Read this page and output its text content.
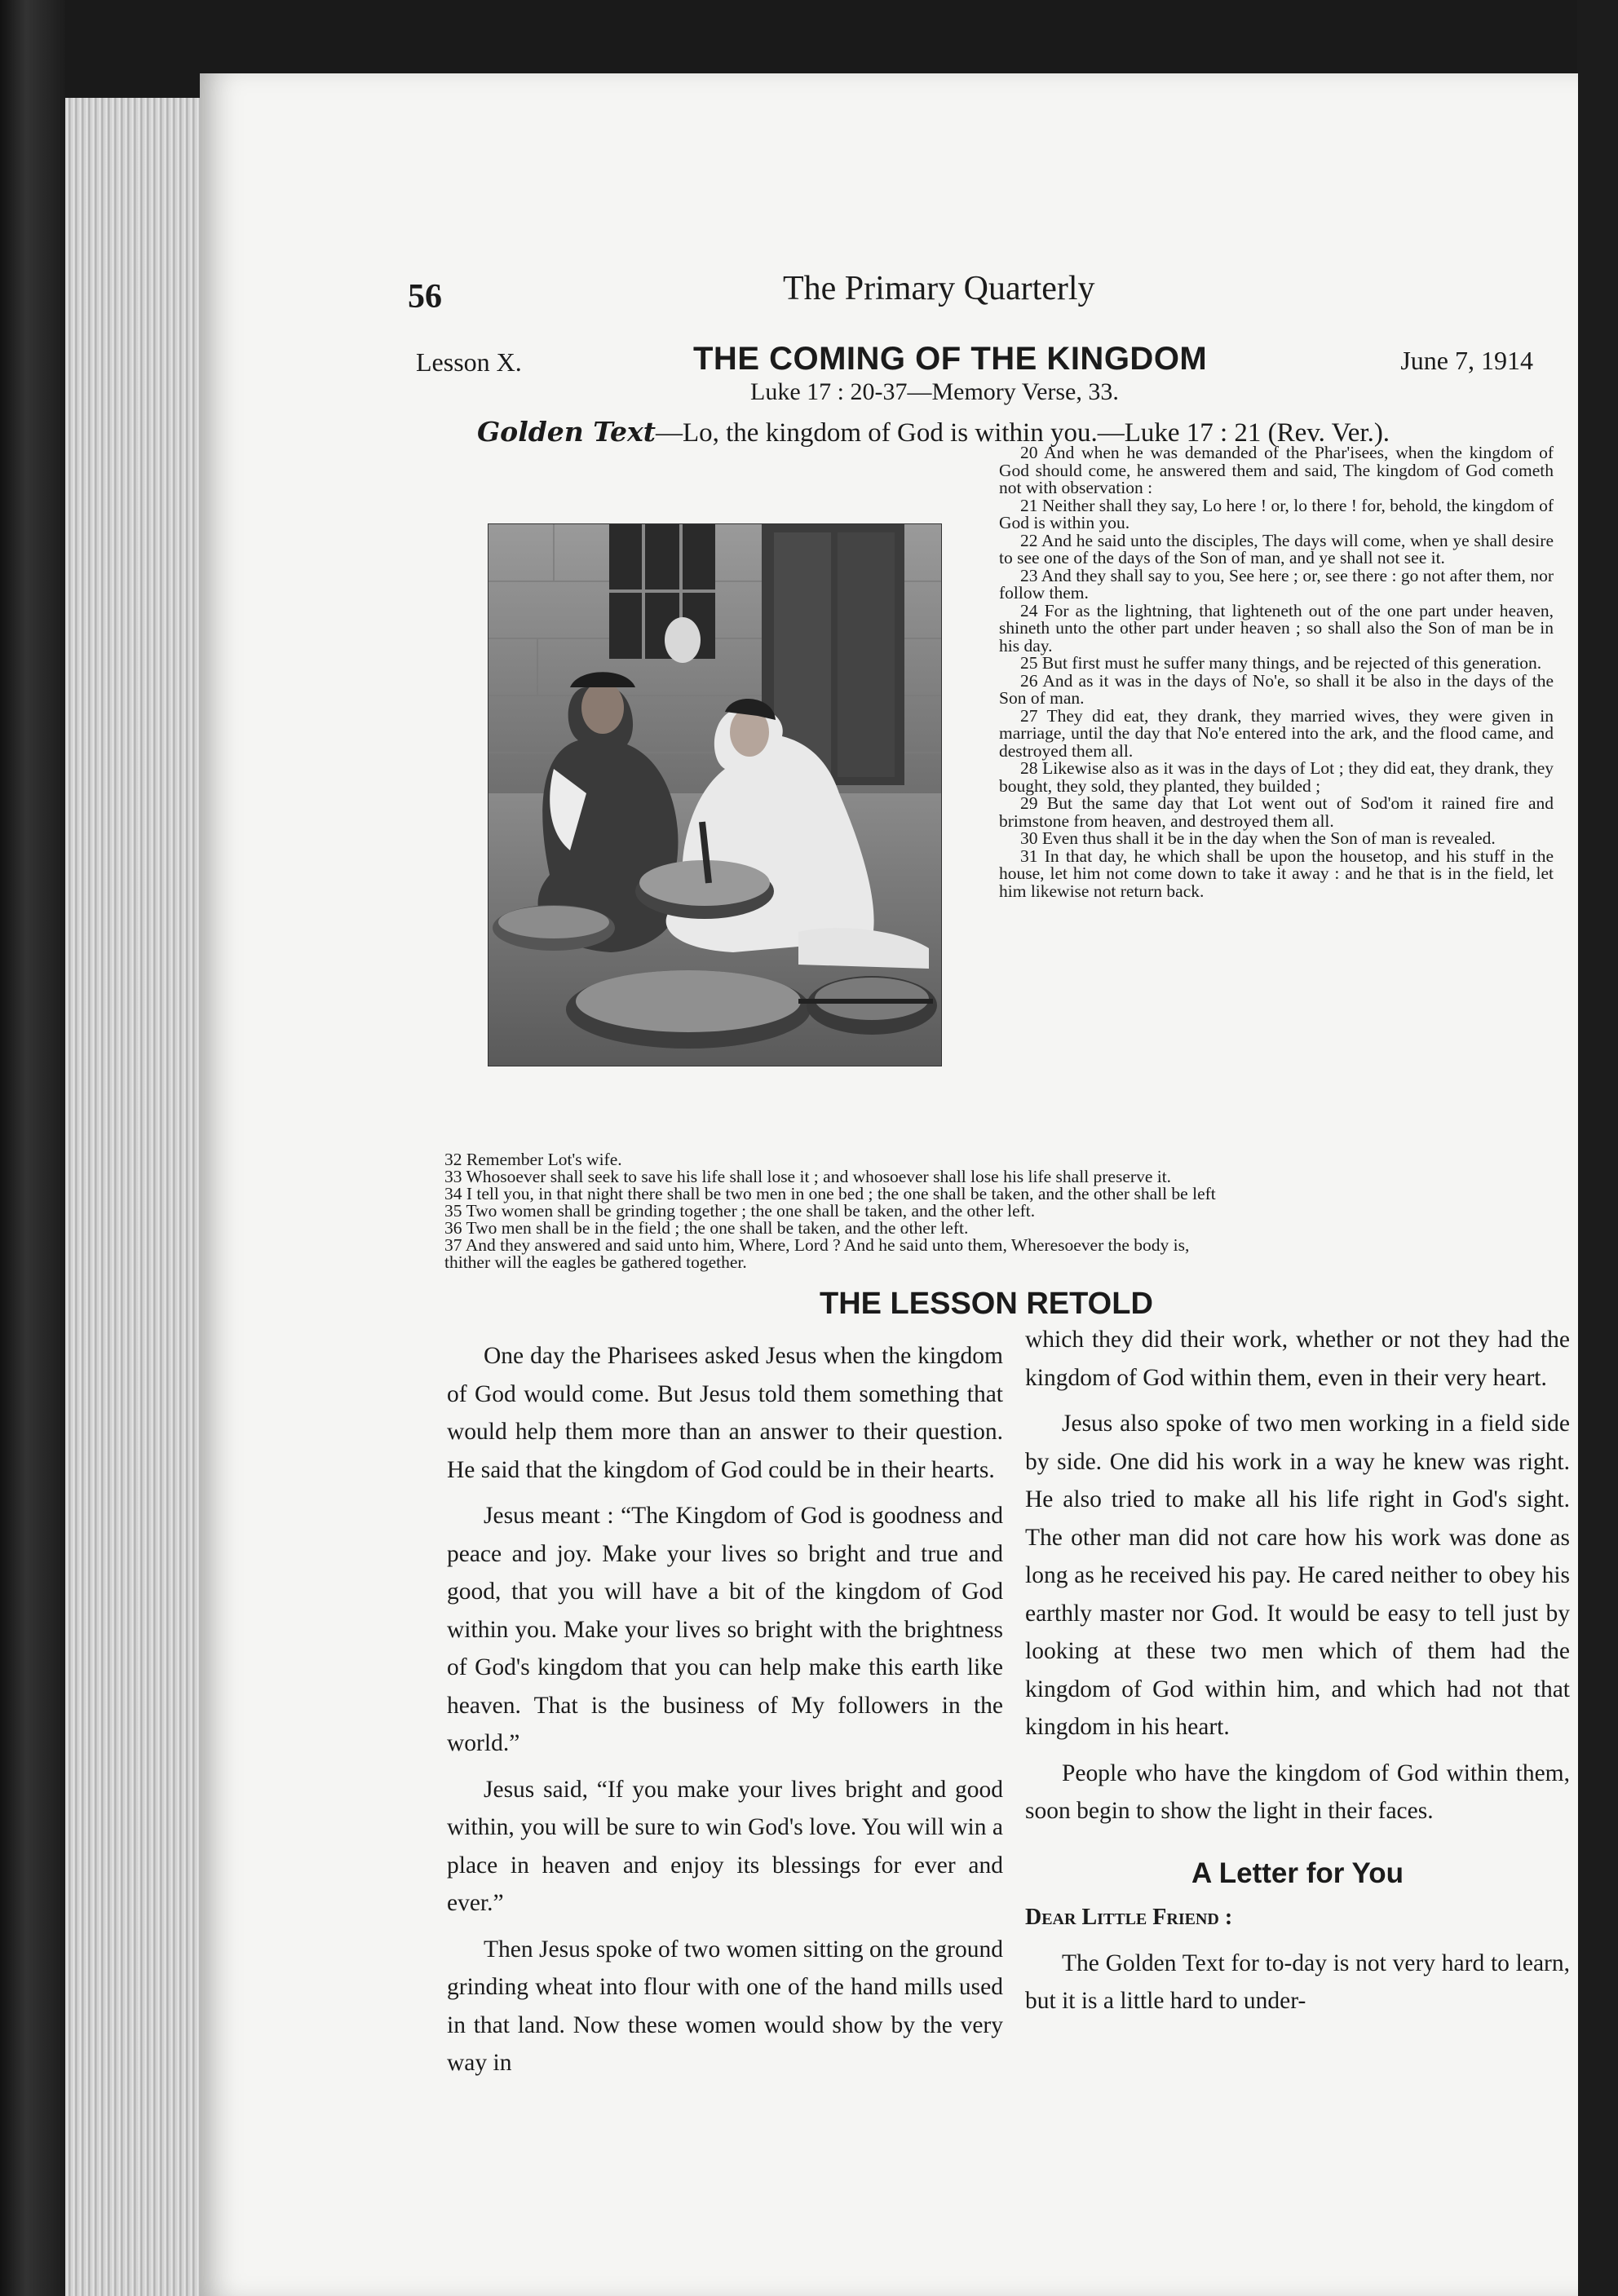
56	The Primary Quarterly
Lesson X.	THE COMING OF THE KINGDOM	June 7, 1914
Luke 17 : 20-37—Memory Verse, 33.
Golden Text—Lo, the kingdom of God is within you.—Luke 17 : 21 (Rev. Ver.).

20 And when he was demanded of the Phar'isees, when the kingdom of God should come, he answered them and said, The kingdom of God cometh not with observation :

21 Neither shall they say, Lo here ! or, lo there ! for, behold, the kingdom of God is within you.

22 And he said unto the disciples, The days will come, when ye shall desire to see one of the days of the Son of man, and ye shall not see it.

23 And they shall say to you, See here ; or, see there : go not after them, nor follow them.

24 For as the lightning, that lighteneth out of the one part under heaven, shineth unto the other part under heaven ; so shall also the Son of man be in his day.

25 But first must he suffer many things, and be rejected of this generation.

26 And as it was in the days of No'e, so shall it be also in the days of the Son of man.

27 They did eat, they drank, they married wives, they were given in marriage, until the day that No'e entered into the ark, and the flood came, and destroyed them all.

28 Likewise also as it was in the days of Lot ; they did eat, they drank, they bought, they sold, they planted, they builded ;

29 But the same day that Lot went out of Sod'om it rained fire and brimstone from heaven, and destroyed them all.

30 Even thus shall it be in the day when the Son of man is revealed.

31 In that day, he which shall be upon the housetop, and his stuff in the house, let him not come down to take it away : and he that is in the field, let him likewise not return back.

32 Remember Lot's wife.

33 Whosoever shall seek to save his life shall lose it ; and whosoever shall lose his life shall preserve it.

34 I tell you, in that night there shall be two men in one bed ; the one shall be taken, and the other shall be left

35 Two women shall be grinding together ; the one shall be taken, and the other left.

36 Two men shall be in the field ; the one shall be taken, and the other left.

37 And they answered and said unto him, Where, Lord ? And he said unto them, Wheresoever the body is,

thither will the eagles be gathered together.

THE LESSON RETOLD

One day the Pharisees asked Jesus when the kingdom of God would come. But Jesus told them something that would help them more than an answer to their question. He said that the kingdom of God could be in their hearts.

Jesus meant : “The Kingdom of God is goodness and peace and joy. Make your lives so bright and true and good, that you will have a bit of the kingdom of God within you. Make your lives so bright with the brightness of God's kingdom that you can help make this earth like heaven. That is the business of My followers in the world.”

Jesus said, “If you make your lives bright and good within, you will be sure to win God's love. You will win a place in heaven and enjoy its blessings for ever and ever.”

Then Jesus spoke of two women sitting on the ground grinding wheat into flour with one of the hand mills used in that land. Now these women would show by the very way in

which they did their work, whether or not they had the kingdom of God within them, even in their very heart.

Jesus also spoke of two men working in a field side by side. One did his work in a way he knew was right. He also tried to make all his life right in God's sight. The other man did not care how his work was done as long as he received his pay. He cared neither to obey his earthly master nor God. It would be easy to tell just by looking at these two men which of them had the kingdom of God within him, and which had not that kingdom in his heart.

People who have the kingdom of God within them, soon begin to show the light in their faces.

A Letter for You

Dear Little Friend :

The Golden Text for to-day is not very hard to learn, but it is a little hard to under-
